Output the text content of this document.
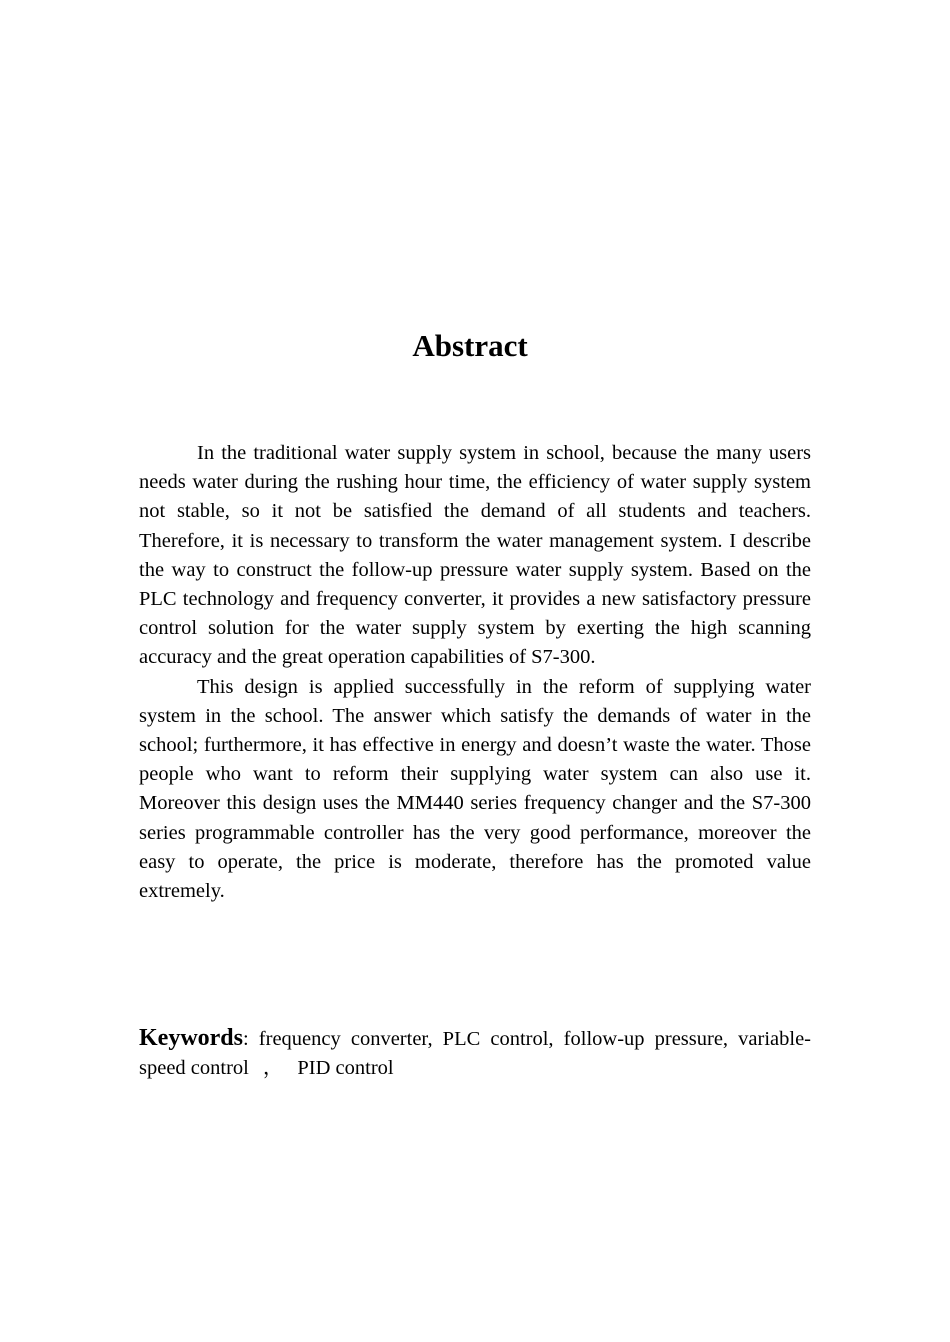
Abstract

In the traditional water supply system in school, because the many users needs water during the rushing hour time, the efficiency of water supply system not stable, so it not be satisfied the demand of all students and teachers. Therefore, it is necessary to transform the water management system. I describe the way to construct the follow-up pressure water supply system. Based on the PLC technology and frequency converter, it provides a new satisfactory pressure control solution for the water supply system by exerting the high scanning accuracy and the great operation capabilities of S7-300.

This design is applied successfully in the reform of supplying water system in the school. The answer which satisfy the demands of water in the school; furthermore, it has effective in energy and doesn’t waste the water. Those people who want to reform their supplying water system can also use it. Moreover this design uses the MM440 series frequency changer and the S7-300 series programmable controller has the very good performance, moreover the easy to operate, the price is moderate, therefore has the promoted value extremely.

Keywords: frequency converter, PLC control, follow-up pressure, variable-speed control ， PID control
